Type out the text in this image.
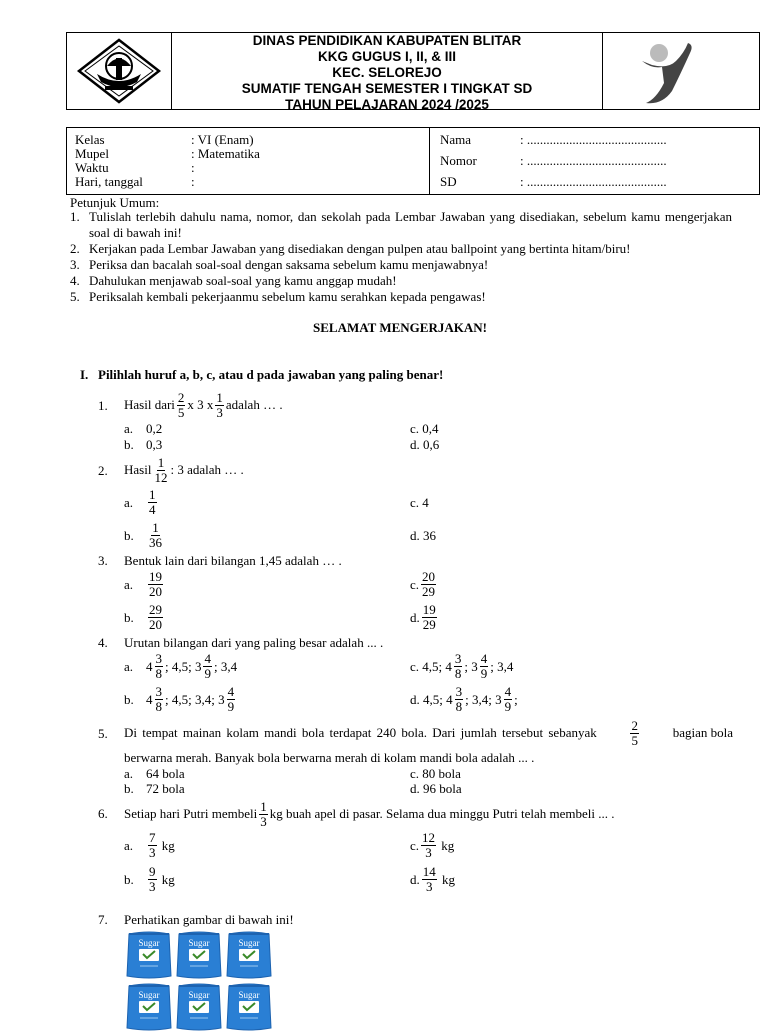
DINAS PENDIDIKAN KABUPATEN BLITAR
KKG GUGUS I, II, & III
KEC. SELOREJO
SUMATIF TENGAH SEMESTER I TINGKAT SD
TAHUN PELAJARAN 2024 /2025
Kelas	: VI (Enam)
Mupel	: Matematika
Waktu	:
Hari, tanggal	:
Nama	: ...........................................
Nomor	: ...........................................
SD	: ...........................................
Petunjuk Umum:
1. Tulislah terlebih dahulu nama, nomor, dan sekolah pada Lembar Jawaban yang disediakan, sebelum kamu mengerjakan soal di bawah ini!
2. Kerjakan pada Lembar Jawaban yang disediakan dengan pulpen atau ballpoint yang bertinta hitam/biru!
3. Periksa dan bacalah soal-soal dengan saksama sebelum kamu menjawabnya!
4. Dahulukan menjawab soal-soal yang kamu anggap mudah!
5. Periksalah kembali pekerjaanmu sebelum kamu serahkan kepada pengawas!
SELAMAT MENGERJAKAN!
I. Pilihlah huruf a, b, c, atau d pada jawaban yang paling benar!
1. Hasil dari $\frac{2}{5}$ x 3 x $\frac{1}{3}$ adalah … .
a. 0,2
b. 0,3
c. 0,4
d. 0,6
2. Hasil $\frac{1}{12}$ : 3 adalah … .
a.	$\frac{1}{4}$
b.	$\frac{1}{36}$
c. 4
d. 36
3. Bentuk lain dari bilangan 1,45 adalah … .
a.	$\frac{19}{20}$
b.	$\frac{29}{20}$
c. $\frac{20}{29}$
d. $\frac{19}{29}$
4. Urutan bilangan dari yang paling besar adalah ... .
a. $4 \frac{3}{8}$ ; 4,5;
$3 \frac{4}{9}$ ; 3,4
b. $4 \frac{3}{8}$ ; 4,5;
3,4;
$3 \frac{4}{9}$
c. 4,5;
$4 \frac{3}{8}$ ;
$3 \frac{4}{9}$ ; 3,4
d. 4,5;
$4 \frac{3}{8}$ ; 3,4;
$3 \frac{4}{9}$ ;
5. Di tempat mainan kolam mandi bola terdapat 240 bola. Dari jumlah tersebut sebanyak	$\frac{2}{5}$	bagian bola
berwarna merah. Banyak bola berwarna merah di kolam mandi bola adalah ... .
a. 64 bola
b. 72 bola
c. 80 bola
d. 96 bola
6. Setiap hari Putri membeli $\frac{1}{3}$ kg buah apel di pasar. Selama dua minggu Putri telah membeli ... .
a.	$\frac{7}{3}$
kg
b.	$\frac{9}{3}$
kg
c. $\frac{12}{3}$
kg
d. $\frac{14}{3}$
kg
7. Perhatikan gambar di bawah ini!
Sugar	Sugar	Sugar
Sugar	Sugar	Sugar
